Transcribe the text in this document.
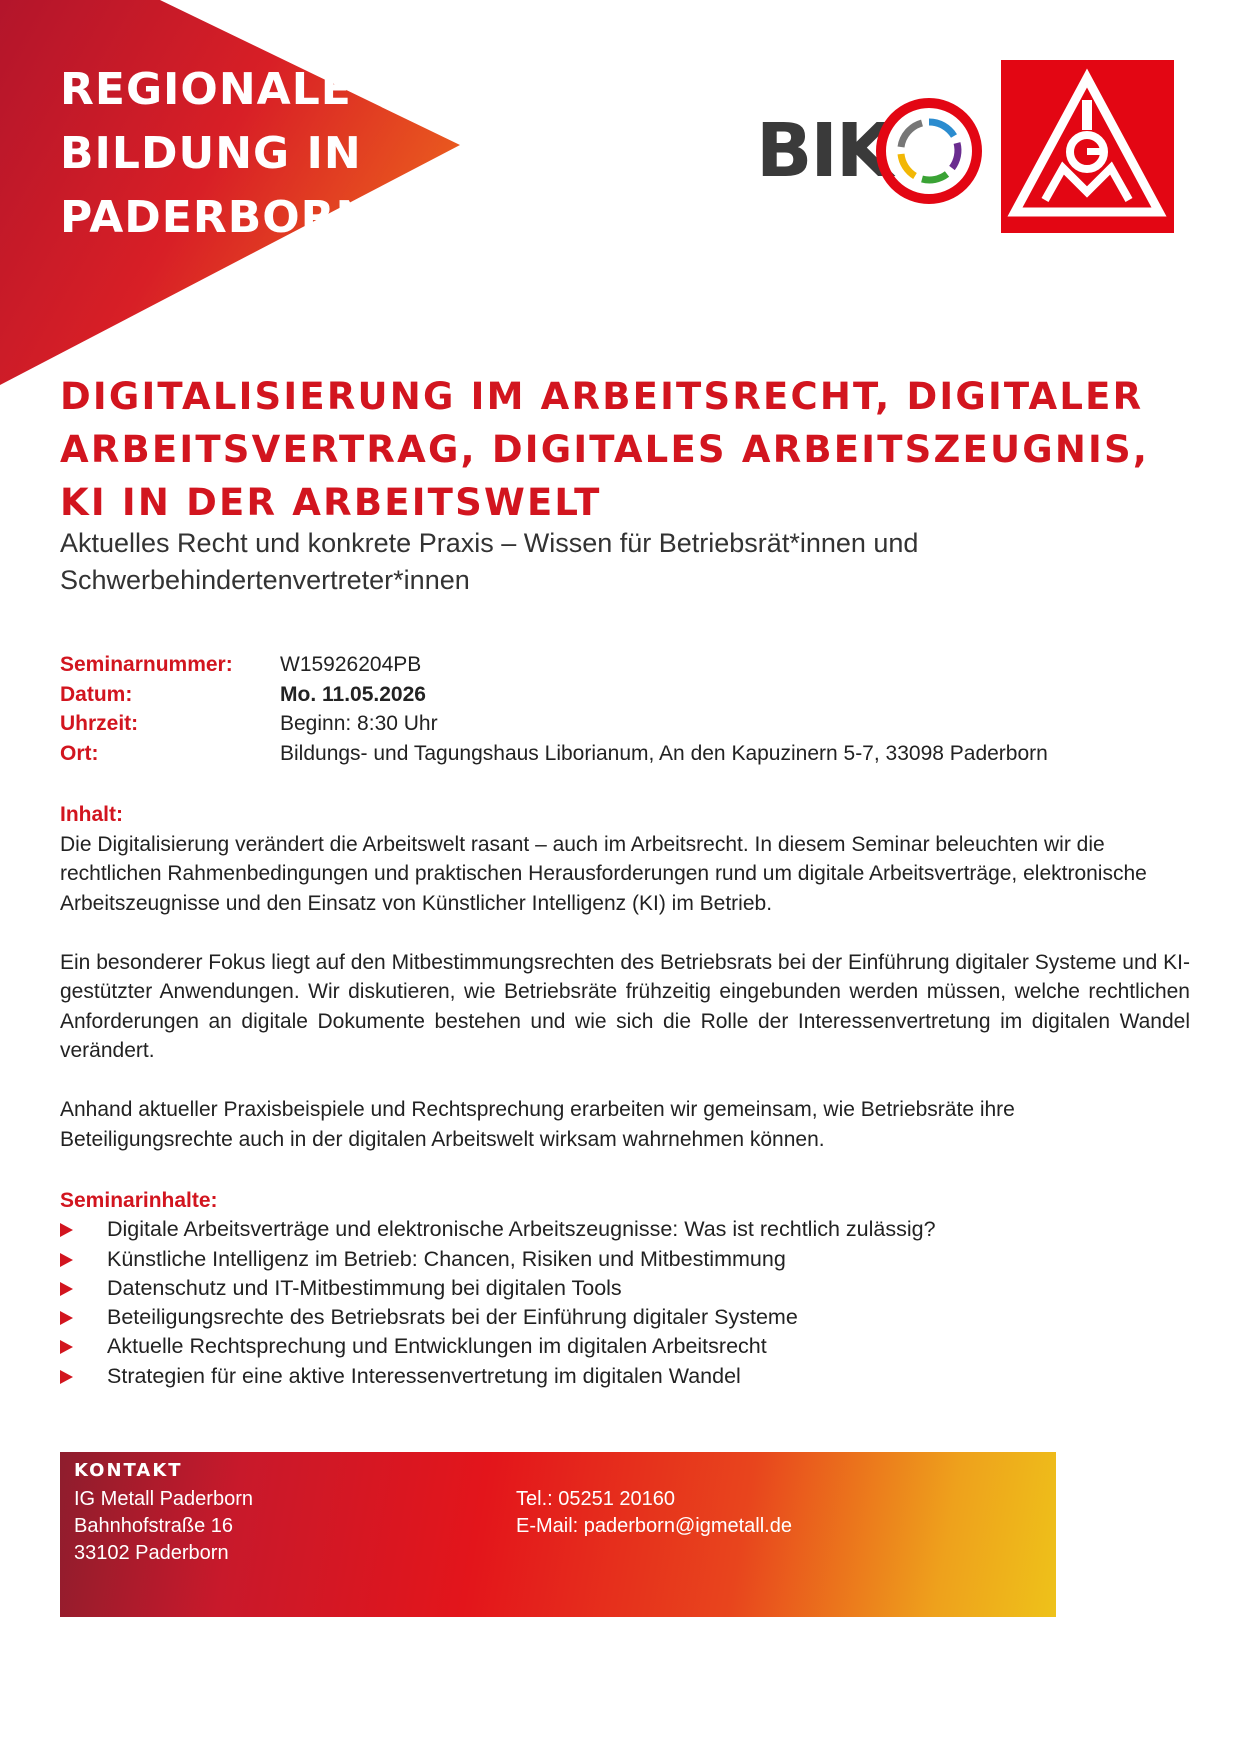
REGIONALE
BILDUNG IN
PADERBORN
BIK
DIGITALISIERUNG IM ARBEITSRECHT, DIGITALER ARBEITSVERTRAG, DIGITALES ARBEITSZEUGNIS, KI IN DER ARBEITSWELT
Aktuelles Recht und konkrete Praxis – Wissen für Betriebsrät*innen und Schwerbehindertenvertreter*innen
Seminarnummer: W15926204PB
Datum:	Mo. 11.05.2026
Uhrzeit:	Beginn: 8:30 Uhr
Ort:	Bildungs- und Tagungshaus Liborianum, An den Kapuzinern 5-7, 33098 Paderborn
Inhalt:

Die Digitalisierung verändert die Arbeitswelt rasant – auch im Arbeitsrecht. In diesem Seminar beleuchten wir die rechtlichen Rahmenbedingungen und praktischen Herausforderungen rund um digitale Arbeitsverträge, elektronische Arbeitszeugnisse und den Einsatz von Künstlicher Intelligenz (KI) im Betrieb.

Ein besonderer Fokus liegt auf den Mitbestimmungsrechten des Betriebsrats bei der Einführung digitaler Systeme und KI-gestützter Anwendungen. Wir diskutieren, wie Betriebsräte frühzeitig eingebunden werden müssen, welche rechtlichen Anforderungen an digitale Dokumente bestehen und wie sich die Rolle der Interessenvertretung im digitalen Wandel verändert.

Anhand aktueller Praxisbeispiele und Rechtsprechung erarbeiten wir gemeinsam, wie Betriebsräte ihre Beteiligungsrechte auch in der digitalen Arbeitswelt wirksam wahrnehmen können.

Seminarinhalte:
Digitale Arbeitsverträge und elektronische Arbeitszeugnisse: Was ist rechtlich zulässig?
Künstliche Intelligenz im Betrieb: Chancen, Risiken und Mitbestimmung
Datenschutz und IT-Mitbestimmung bei digitalen Tools
Beteiligungsrechte des Betriebsrats bei der Einführung digitaler Systeme
Aktuelle Rechtsprechung und Entwicklungen im digitalen Arbeitsrecht
Strategien für eine aktive Interessenvertretung im digitalen Wandel
KONTAKT
IG Metall Paderborn
Bahnhofstraße 16
33102 Paderborn
Tel.: 05251 20160
E-Mail: paderborn@igmetall.de
